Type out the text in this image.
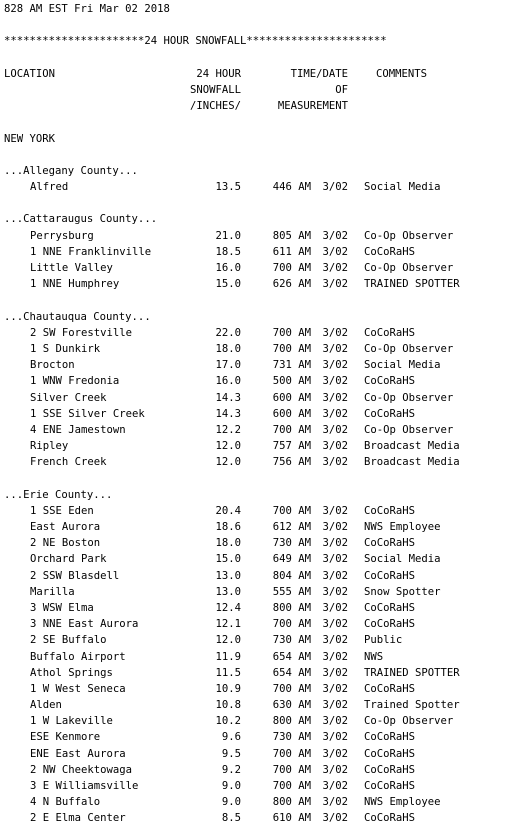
828 AM EST Fri Mar 02 2018
**********************24 HOUR SNOWFALL**********************
LOCATION	24 HOUR	TIME/DATE	COMMENTS
SNOWFALL	OF
/INCHES/	MEASUREMENT
NEW YORK
...Allegany County...
Alfred	13.5	446 AM	3/02	Social Media
...Cattaraugus County...
Perrysburg	21.0	805 AM	3/02	Co-Op Observer
1 NNE Franklinville	18.5	611 AM	3/02	CoCoRaHS
Little Valley	16.0	700 AM	3/02	Co-Op Observer
1 NNE Humphrey	15.0	626 AM	3/02	TRAINED SPOTTER
...Chautauqua County...
2 SW Forestville	22.0	700 AM	3/02	CoCoRaHS
1 S Dunkirk	18.0	700 AM	3/02	Co-Op Observer
Brocton	17.0	731 AM	3/02	Social Media
1 WNW Fredonia	16.0	500 AM	3/02	CoCoRaHS
Silver Creek	14.3	600 AM	3/02	Co-Op Observer
1 SSE Silver Creek	14.3	600 AM	3/02	CoCoRaHS
4 ENE Jamestown	12.2	700 AM	3/02	Co-Op Observer
Ripley	12.0	757 AM	3/02	Broadcast Media
French Creek	12.0	756 AM	3/02	Broadcast Media
...Erie County...
1 SSE Eden	20.4	700 AM	3/02	CoCoRaHS
East Aurora	18.6	612 AM	3/02	NWS Employee
2 NE Boston	18.0	730 AM	3/02	CoCoRaHS
Orchard Park	15.0	649 AM	3/02	Social Media
2 SSW Blasdell	13.0	804 AM	3/02	CoCoRaHS
Marilla	13.0	555 AM	3/02	Snow Spotter
3 WSW Elma	12.4	800 AM	3/02	CoCoRaHS
3 NNE East Aurora	12.1	700 AM	3/02	CoCoRaHS
2 SE Buffalo	12.0	730 AM	3/02	Public
Buffalo Airport	11.9	654 AM	3/02	NWS
Athol Springs	11.5	654 AM	3/02	TRAINED SPOTTER
1 W West Seneca	10.9	700 AM	3/02	CoCoRaHS
Alden	10.8	630 AM	3/02	Trained Spotter
1 W Lakeville	10.2	800 AM	3/02	Co-Op Observer
ESE Kenmore	9.6	730 AM	3/02	CoCoRaHS
ENE East Aurora	9.5	700 AM	3/02	CoCoRaHS
2 NW Cheektowaga	9.2	700 AM	3/02	CoCoRaHS
3 E Williamsville	9.0	700 AM	3/02	CoCoRaHS
4 N Buffalo	9.0	800 AM	3/02	NWS Employee
2 E Elma Center	8.5	610 AM	3/02	CoCoRaHS
